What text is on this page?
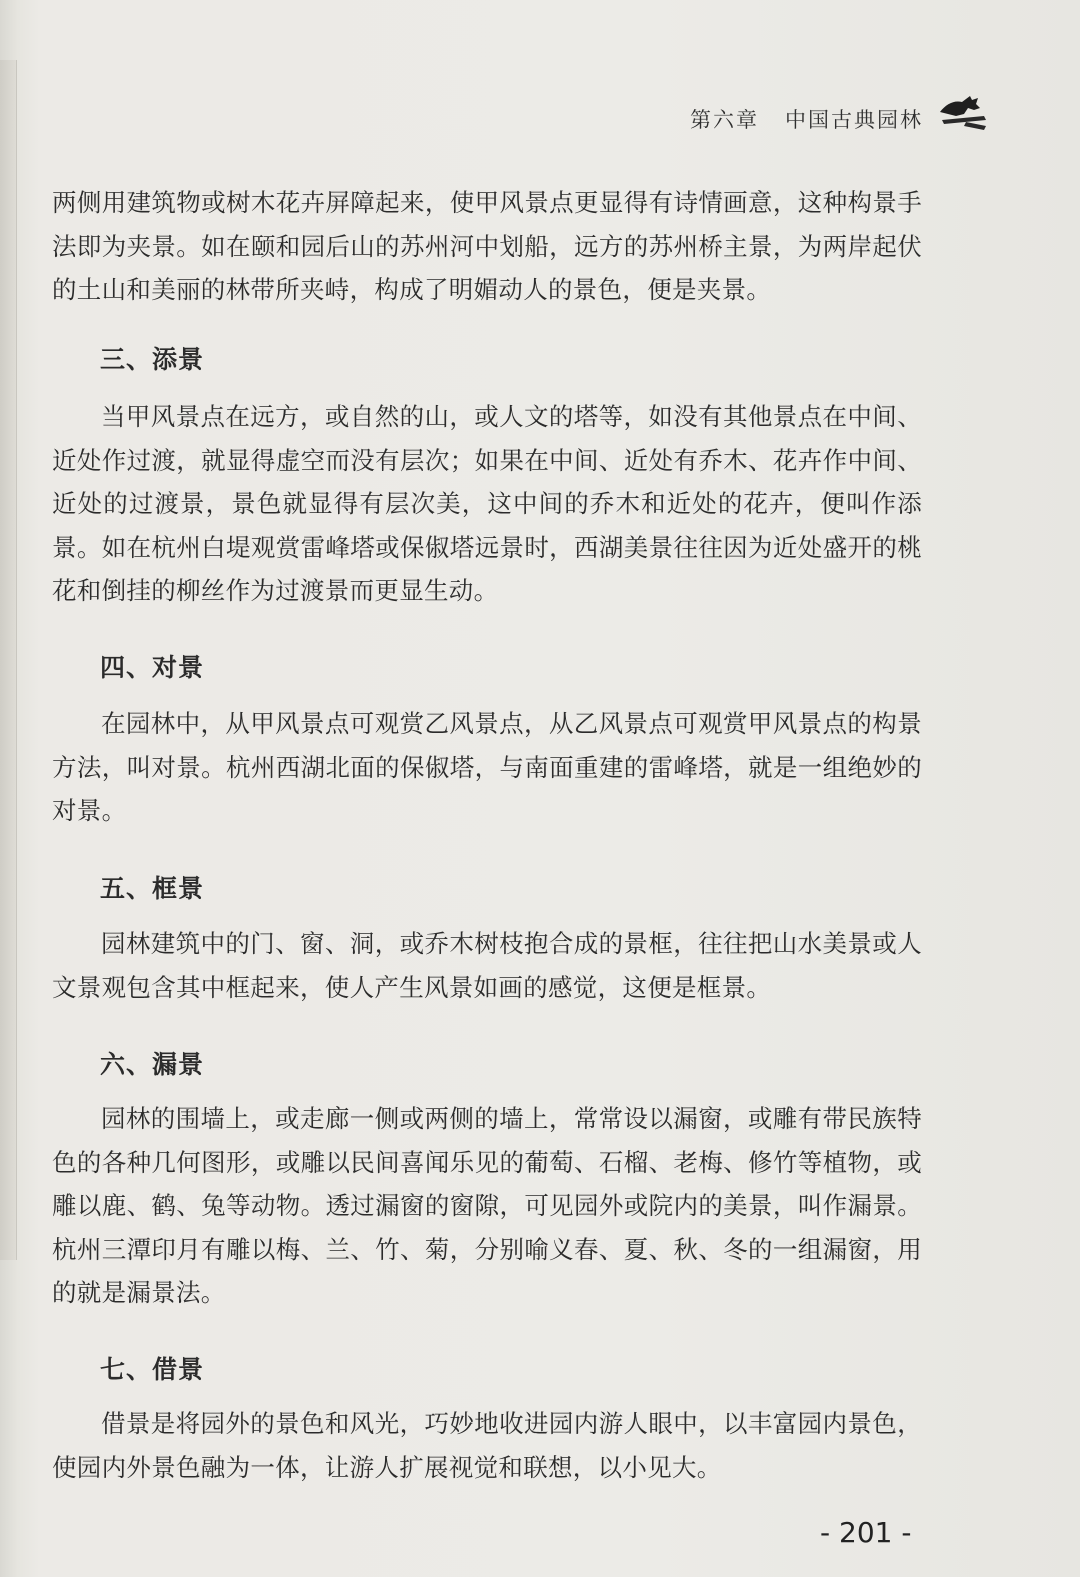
第六章 中国古典园林

两侧用建筑物或树木花卉屏障起来，使甲风景点更显得有诗情画意，这种构景手法即为夹景。如在颐和园后山的苏州河中划船，远方的苏州桥主景，为两岸起伏的土山和美丽的林带所夹峙，构成了明媚动人的景色，便是夹景。

三、添景

当甲风景点在远方，或自然的山，或人文的塔等，如没有其他景点在中间、近处作过渡，就显得虚空而没有层次；如果在中间、近处有乔木、花卉作中间、近处的过渡景，景色就显得有层次美，这中间的乔木和近处的花卉，便叫作添景。如在杭州白堤观赏雷峰塔或保俶塔远景时，西湖美景往往因为近处盛开的桃花和倒挂的柳丝作为过渡景而更显生动。

四、对景

在园林中，从甲风景点可观赏乙风景点，从乙风景点可观赏甲风景点的构景方法，叫对景。杭州西湖北面的保俶塔，与南面重建的雷峰塔，就是一组绝妙的对景。

五、框景

园林建筑中的门、窗、洞，或乔木树枝抱合成的景框，往往把山水美景或人文景观包含其中框起来，使人产生风景如画的感觉，这便是框景。

六、漏景

园林的围墙上，或走廊一侧或两侧的墙上，常常设以漏窗，或雕有带民族特色的各种几何图形，或雕以民间喜闻乐见的葡萄、石榴、老梅、修竹等植物，或雕以鹿、鹤、兔等动物。透过漏窗的窗隙，可见园外或院内的美景，叫作漏景。杭州三潭印月有雕以梅、兰、竹、菊，分别喻义春、夏、秋、冬的一组漏窗，用的就是漏景法。

七、借景

借景是将园外的景色和风光，巧妙地收进园内游人眼中，以丰富园内景色，使园内外景色融为一体，让游人扩展视觉和联想，以小见大。

- 201 -
